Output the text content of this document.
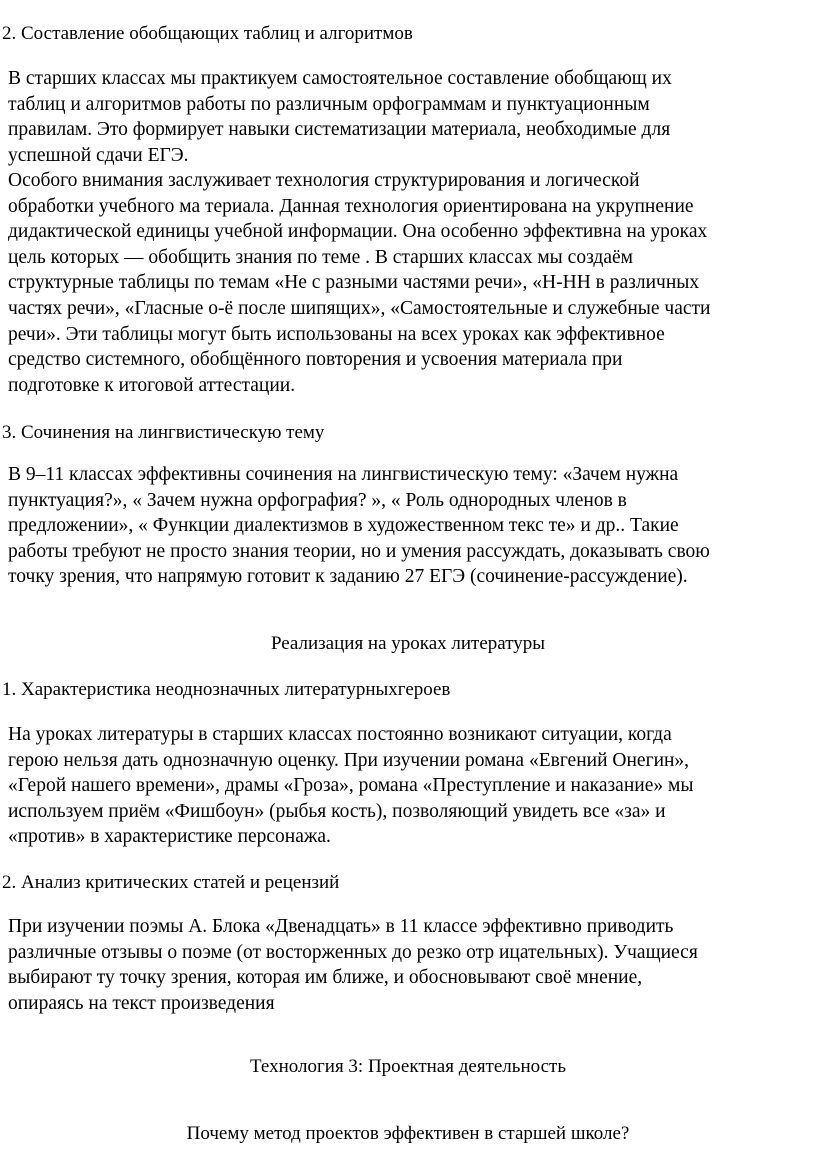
2. Составление обобщающих таблиц и алгоритмов
В старших классах мы практикуем самостоятельное составление обобщающ их
таблиц и алгоритмов работы по различным орфограммам и пунктуационным
правилам. Это формирует навыки систематизации материала, необходимые для
успешной сдачи ЕГЭ.
Особого внимания заслуживает технология структурирования и логической
обработки учебного ма териала. Данная технология ориентирована на укрупнение
дидактической единицы учебной информации. Она особенно эффективна на уроках
цель которых — обобщить знания по теме . В старших классах мы создаём
структурные таблицы по темам «Не с разными частями речи», «Н-НН в различных
частях речи», «Гласные о-ё после шипящих», «Самостоятельные и служебные части
речи». Эти таблицы могут быть использованы на всех уроках как эффективное
средство системного, обобщённого повторения и усвоения материала при
подготовке к итоговой аттестации.
3. Сочинения на лингвистическую тему
В 9–11 классах эффективны сочинения на лингвистическую тему: «Зачем нужна
пунктуация?», « Зачем нужна орфография? », « Роль однородных членов в
предложении», « Функции диалектизмов в художественном текс те» и др.. Такие
работы требуют не просто знания теории, но и умения рассуждать, доказывать свою
точку зрения, что напрямую готовит к заданию 27 ЕГЭ (сочинение-рассуждение).
Реализация на уроках литературы
1. Характеристика неоднозначных литературныхгероев
На уроках литературы в старших классах постоянно возникают ситуации, когда
герою нельзя дать однозначную оценку. При изучении романа «Евгений Онегин»,
«Герой нашего времени», драмы «Гроза», романа «Преступление и наказание» мы
используем приём «Фишбоун» (рыбья кость), позволяющий увидеть все «за» и
«против» в характеристике персонажа.
2. Анализ критических статей и рецензий
При изучении поэмы А. Блока «Двенадцать» в 11 классе эффективно приводить
различные отзывы о поэме (от восторженных до резко отр ицательных). Учащиеся
выбирают ту точку зрения, которая им ближе, и обосновывают своё мнение,
опираясь на текст произведения
Технология 3: Проектная деятельность
Почему метод проектов эффективен в старшей школе?
